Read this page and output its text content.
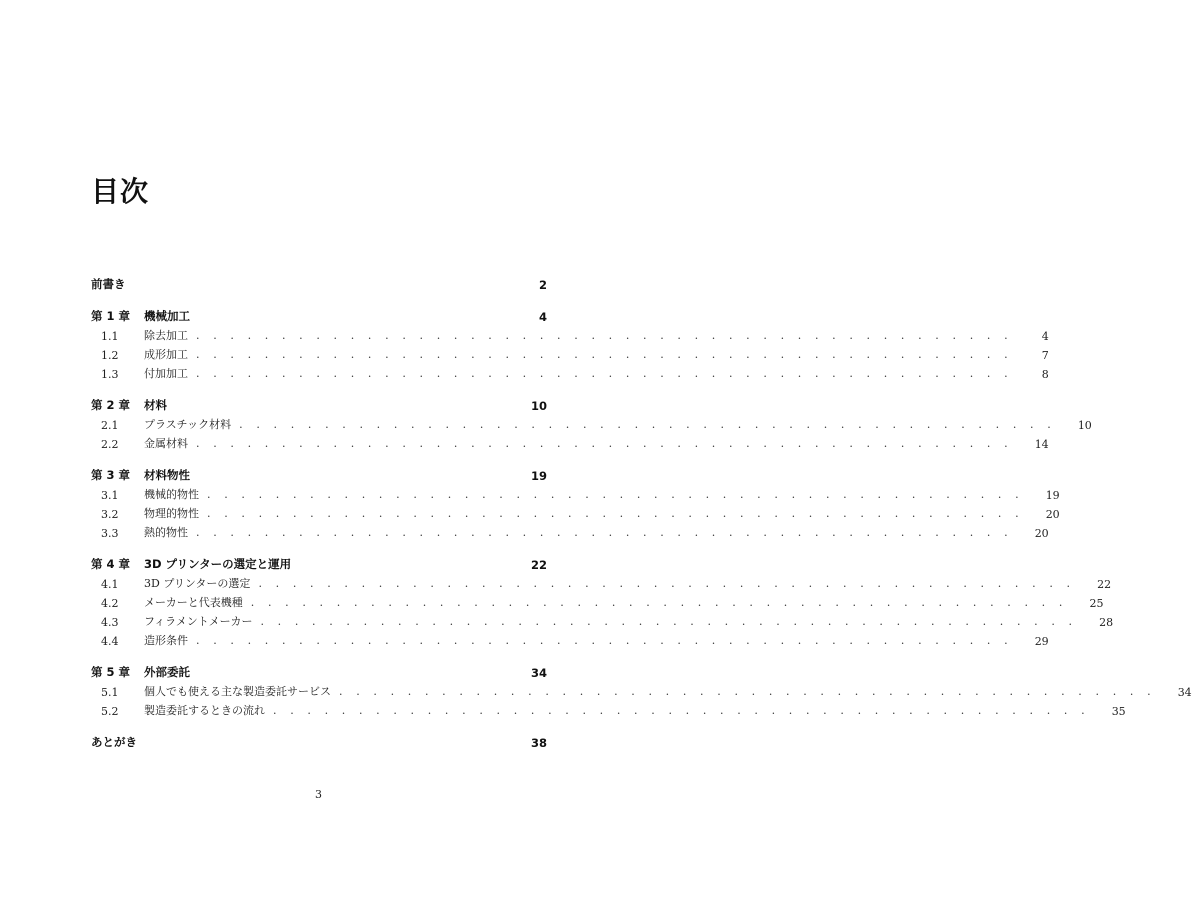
目次
前書き	2
第 1 章	機械加工	4
1.1	除去加工 . . . . . . . . . . . . . . . . . . . . . . . . . . . . . . . . . . . . . . . . . . . . . . . .	4
1.2	成形加工 . . . . . . . . . . . . . . . . . . . . . . . . . . . . . . . . . . . . . . . . . . . . . . . .	7
1.3	付加加工 . . . . . . . . . . . . . . . . . . . . . . . . . . . . . . . . . . . . . . . . . . . . . . . .	8
第 2 章	材料	10
2.1	プラスチック材料 . . . . . . . . . . . . . . . . . . . . . . . . . . . . . . . . . . . . . . . . . . . . . . . .	10
2.2	金属材料 . . . . . . . . . . . . . . . . . . . . . . . . . . . . . . . . . . . . . . . . . . . . . . . .	14
第 3 章	材料物性	19
3.1	機械的物性 . . . . . . . . . . . . . . . . . . . . . . . . . . . . . . . . . . . . . . . . . . . . . . . .	19
3.2	物理的物性 . . . . . . . . . . . . . . . . . . . . . . . . . . . . . . . . . . . . . . . . . . . . . . . .	20
3.3	熱的物性 . . . . . . . . . . . . . . . . . . . . . . . . . . . . . . . . . . . . . . . . . . . . . . . .	20
第 4 章	3D プリンターの選定と運用	22
4.1	3D プリンターの選定 . . . . . . . . . . . . . . . . . . . . . . . . . . . . . . . . . . . . . . . . . . . . . . . .	22
4.2	メーカーと代表機種 . . . . . . . . . . . . . . . . . . . . . . . . . . . . . . . . . . . . . . . . . . . . . . . .	25
4.3	フィラメントメーカー . . . . . . . . . . . . . . . . . . . . . . . . . . . . . . . . . . . . . . . . . . . . . . . .	28
4.4	造形条件 . . . . . . . . . . . . . . . . . . . . . . . . . . . . . . . . . . . . . . . . . . . . . . . .	29
第 5 章	外部委託	34
5.1	個人でも使える主な製造委託サービス . . . . . . . . . . . . . . . . . . . . . . . . . . . . . . . . . . . . . . . . . . . . . . . .	34
5.2	製造委託するときの流れ . . . . . . . . . . . . . . . . . . . . . . . . . . . . . . . . . . . . . . . . . . . . . . . .	35
あとがき	38
3
